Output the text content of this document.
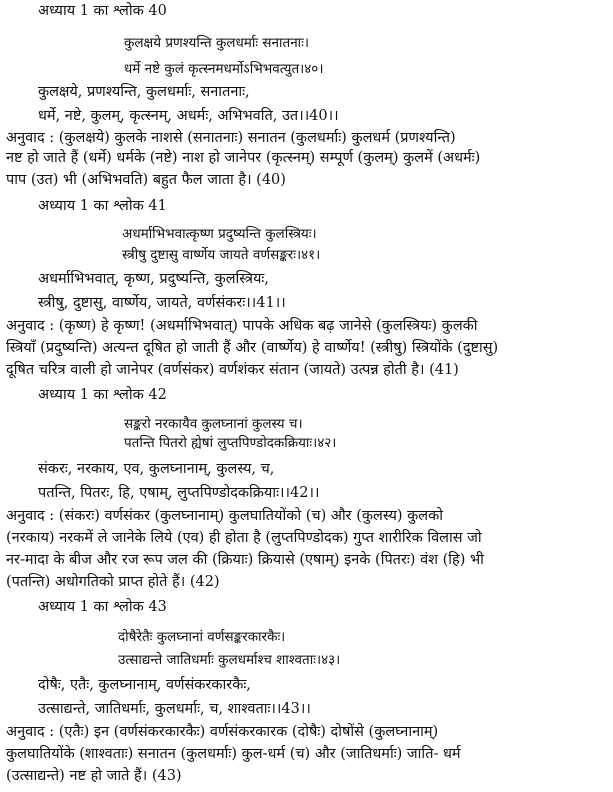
अध्याय 1 का श्लोक 40
कुलक्षये प्रणश्यन्ति कुलधर्माः सनातनाः।
धर्मे नष्टे कुलं कृत्स्नमधर्मोऽभिभवत्युत।४०।
कुलक्षये, प्रणश्यन्ति, कुलधर्माः, सनातनाः,
धर्मे, नष्टे, कुलम्, कृत्स्नम्, अधर्मः, अभिभवति, उत।।40।।
अनुवाद : (कुलक्षये) कुलके नाशसे (सनातनाः) सनातन (कुलधर्माः) कुलधर्म (प्रणश्यन्ति)
नष्ट हो जाते हैं (धर्मे) धर्मके (नष्टे) नाश हो जानेपर (कृत्स्नम्) सम्पूर्ण (कुलम्) कुलमें (अधर्मः)
पाप (उत) भी (अभिभवति) बहुत फैल जाता है। (40)
अध्याय 1 का श्लोक 41
अधर्माभिभवात्कृष्ण प्रदुष्यन्ति कुलस्त्रियः।
स्त्रीषु दुष्टासु वार्ष्णेय जायते वर्णसङ्करः।४१।
अधर्माभिभवात्, कृष्ण, प्रदुष्यन्ति, कुलस्त्रियः,
स्त्रीषु, दुष्टासु, वार्ष्णेय, जायते, वर्णसंकरः।।41।।
अनुवाद : (कृष्ण) हे कृष्ण! (अधर्माभिभवात्) पापके अधिक बढ़ जानेसे (कुलस्त्रियः) कुलकी
स्त्रियाँ (प्रदुष्यन्ति) अत्यन्त दूषित हो जाती हैं और (वार्ष्णेय) हे वार्ष्णेय! (स्त्रीषु) स्त्रियोंके (दुष्टासु)
दूषित चरित्र वाली हो जानेपर (वर्णसंकर) वर्णशंकर संतान (जायते) उत्पन्न होती है। (41)
अध्याय 1 का श्लोक 42
सङ्करो नरकायैव कुलघ्नानां कुलस्य च।
पतन्ति पितरो ह्येषां लुप्तपिण्डोदकक्रियाः।४२।
संकरः, नरकाय, एव, कुलघ्नानाम्, कुलस्य, च,
पतन्ति, पितरः, हि, एषाम्, लुप्तपिण्डोदकक्रियाः।।42।।
अनुवाद : (संकरः) वर्णसंकर (कुलघ्नानाम्) कुलघातियोंको (च) और (कुलस्य) कुलको
(नरकाय) नरकमें ले जानेके लिये (एव) ही होता है (लुप्तपिण्डोदक) गुप्त शारीरिक विलास जो
नर-मादा के बीज और रज रूप जल की (क्रियाः) क्रियासे (एषाम्) इनके (पितरः) वंश (हि) भी
(पतन्ति) अधोगतिको प्राप्त होते हैं। (42)
अध्याय 1 का श्लोक 43
दोषैरेतैः कुलघ्नानां वर्णसङ्करकारकैः।
उत्साद्यन्ते जातिधर्माः कुलधर्माश्च शाश्वताः।४३।
दोषैः, एतैः, कुलघ्नानाम्, वर्णसंकरकारकैः,
उत्साद्यन्ते, जातिधर्माः, कुलधर्माः, च, शाश्वताः।।43।।
अनुवाद : (एतैः) इन (वर्णसंकरकारकैः) वर्णसंकरकारक (दोषैः) दोषोंसे (कुलघ्नानाम्)
कुलघातियोंके (शाश्वताः) सनातन (कुलधर्माः) कुल-धर्म (च) और (जातिधर्माः) जाति- धर्म
(उत्साद्यन्ते) नष्ट हो जाते हैं। (43)
